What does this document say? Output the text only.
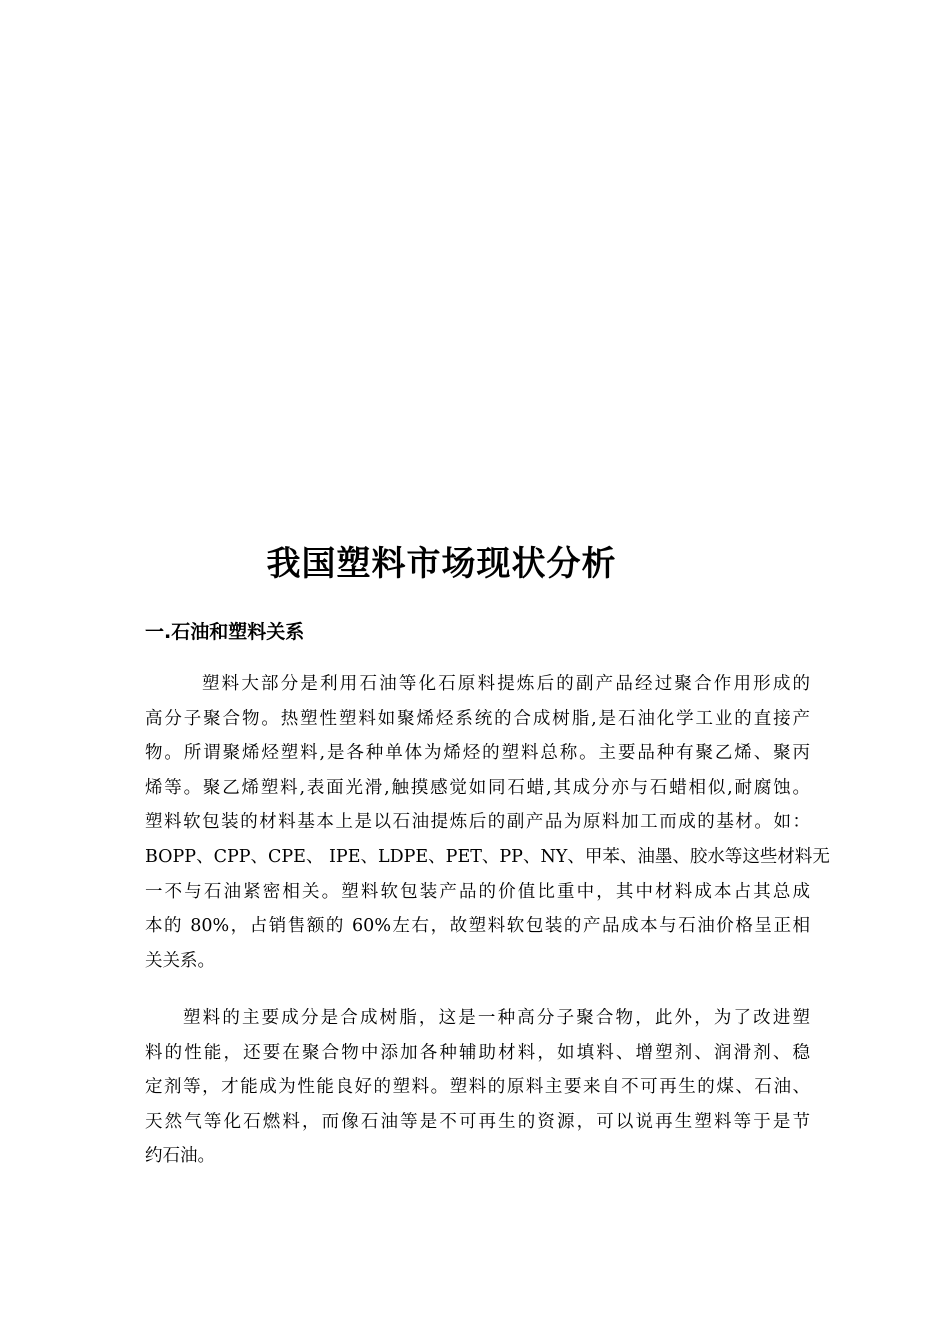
我国塑料市场现状分析
一.石油和塑料关系
塑料大部分是利用石油等化石原料提炼后的副产品经过聚合作用形成的
高分子聚合物。热塑性塑料如聚烯烃系统的合成树脂,是石油化学工业的直接产
物。所谓聚烯烃塑料,是各种单体为烯烃的塑料总称。主要品种有聚乙烯、聚丙
烯等。聚乙烯塑料,表面光滑,触摸感觉如同石蜡,其成分亦与石蜡相似,耐腐蚀。
塑料软包装的材料基本上是以石油提炼后的副产品为原料加工而成的基材。如：
BOPP、CPP、CPE、 IPE、LDPE、PET、PP、NY、甲苯、油墨、胶水等这些材料无
一不与石油紧密相关。塑料软包装产品的价值比重中，其中材料成本占其总成
本的 80%，占销售额的 60%左右，故塑料软包装的产品成本与石油价格呈正相
关关系。
塑料的主要成分是合成树脂，这是一种高分子聚合物，此外，为了改进塑
料的性能，还要在聚合物中添加各种辅助材料，如填料、增塑剂、润滑剂、稳
定剂等，才能成为性能良好的塑料。塑料的原料主要来自不可再生的煤、石油、
天然气等化石燃料，而像石油等是不可再生的资源，可以说再生塑料等于是节
约石油。
